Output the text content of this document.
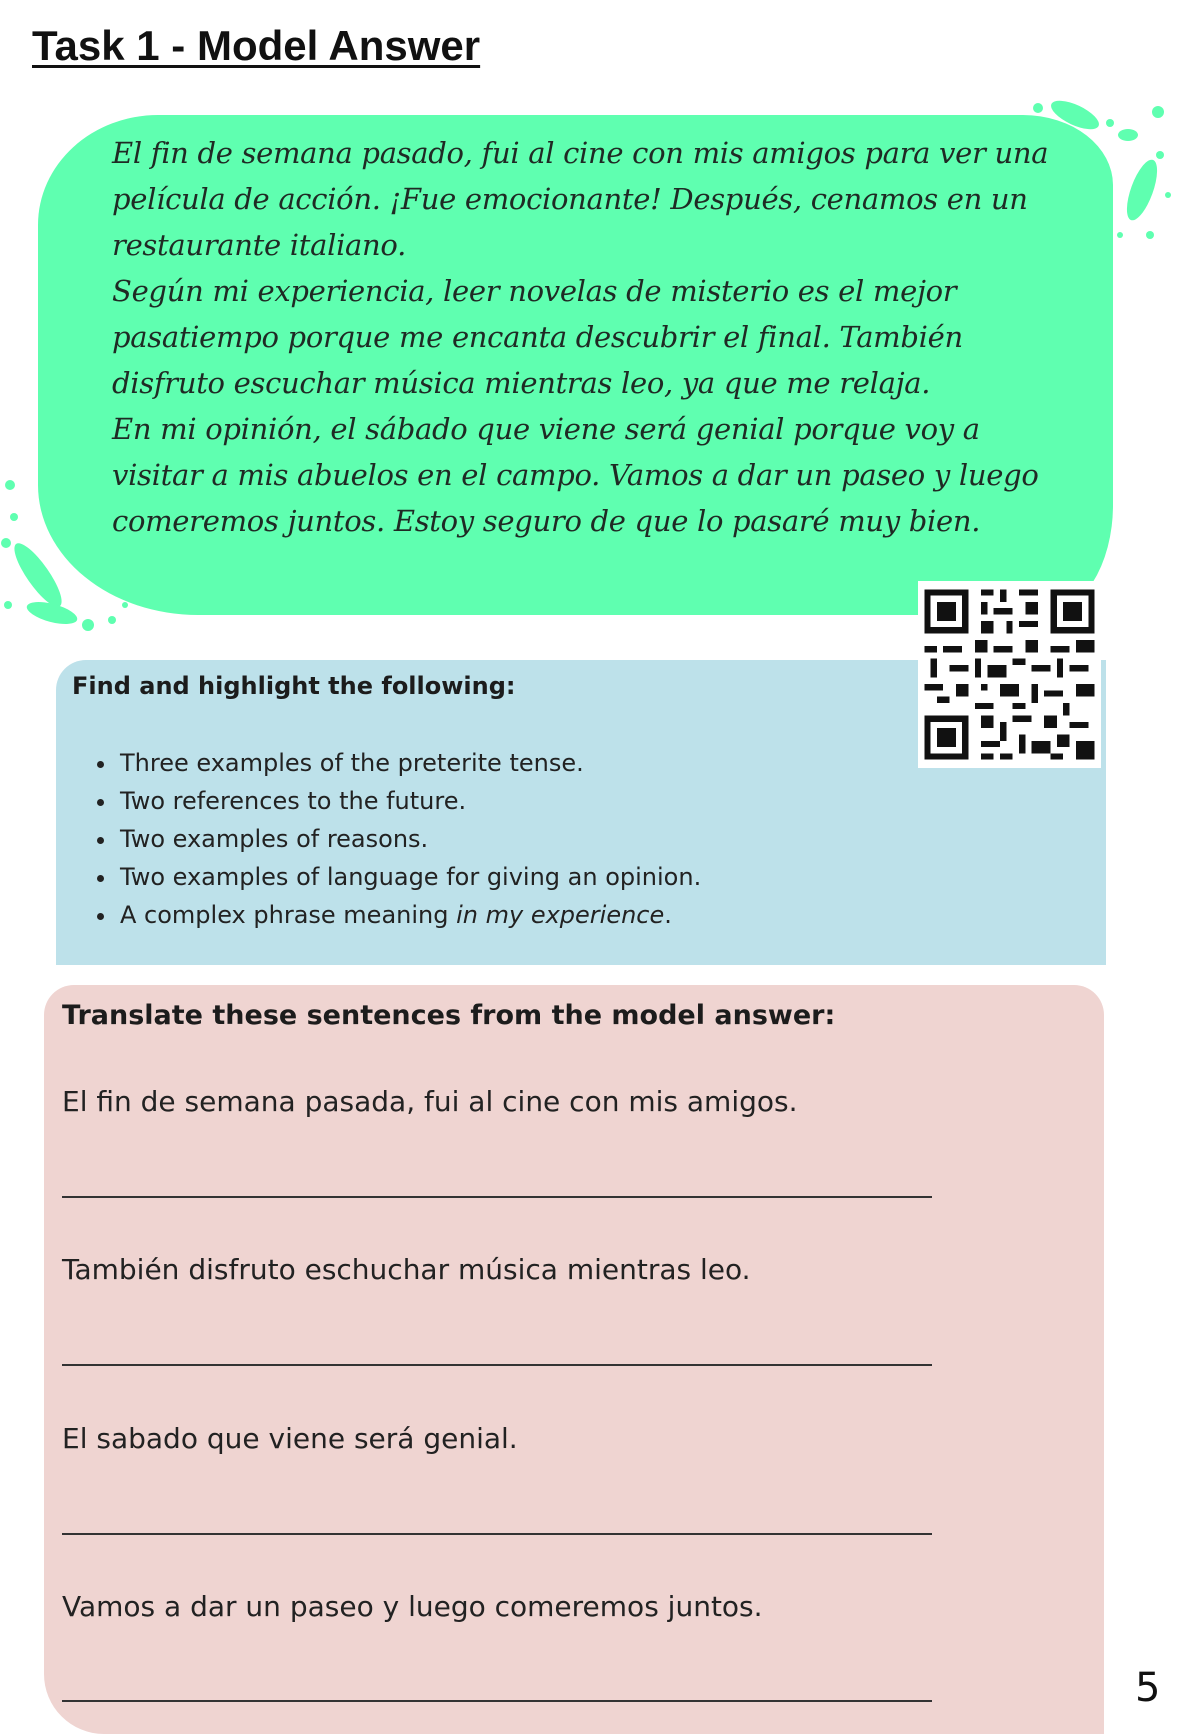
Task 1 - Model Answer

El fin de semana pasado, fui al cine con mis amigos para ver una película de acción. ¡Fue emocionante! Después, cenamos en un restaurante italiano.

Según mi experiencia, leer novelas de misterio es el mejor pasatiempo porque me encanta descubrir el final. También disfruto escuchar música mientras leo, ya que me relaja.

En mi opinión, el sábado que viene será genial porque voy a visitar a mis abuelos en el campo. Vamos a dar un paseo y luego comeremos juntos. Estoy seguro de que lo pasaré muy bien.

Find and highlight the following:
• Three examples of the preterite tense.
• Two references to the future.
• Two examples of reasons.
• Two examples of language for giving an opinion.
• A complex phrase meaning in my experience.
Translate these sentences from the model answer:
El fin de semana pasada, fui al cine con mis amigos.
También disfruto eschuchar música mientras leo.
El sabado que viene será genial.
Vamos a dar un paseo y luego comeremos juntos.
5
